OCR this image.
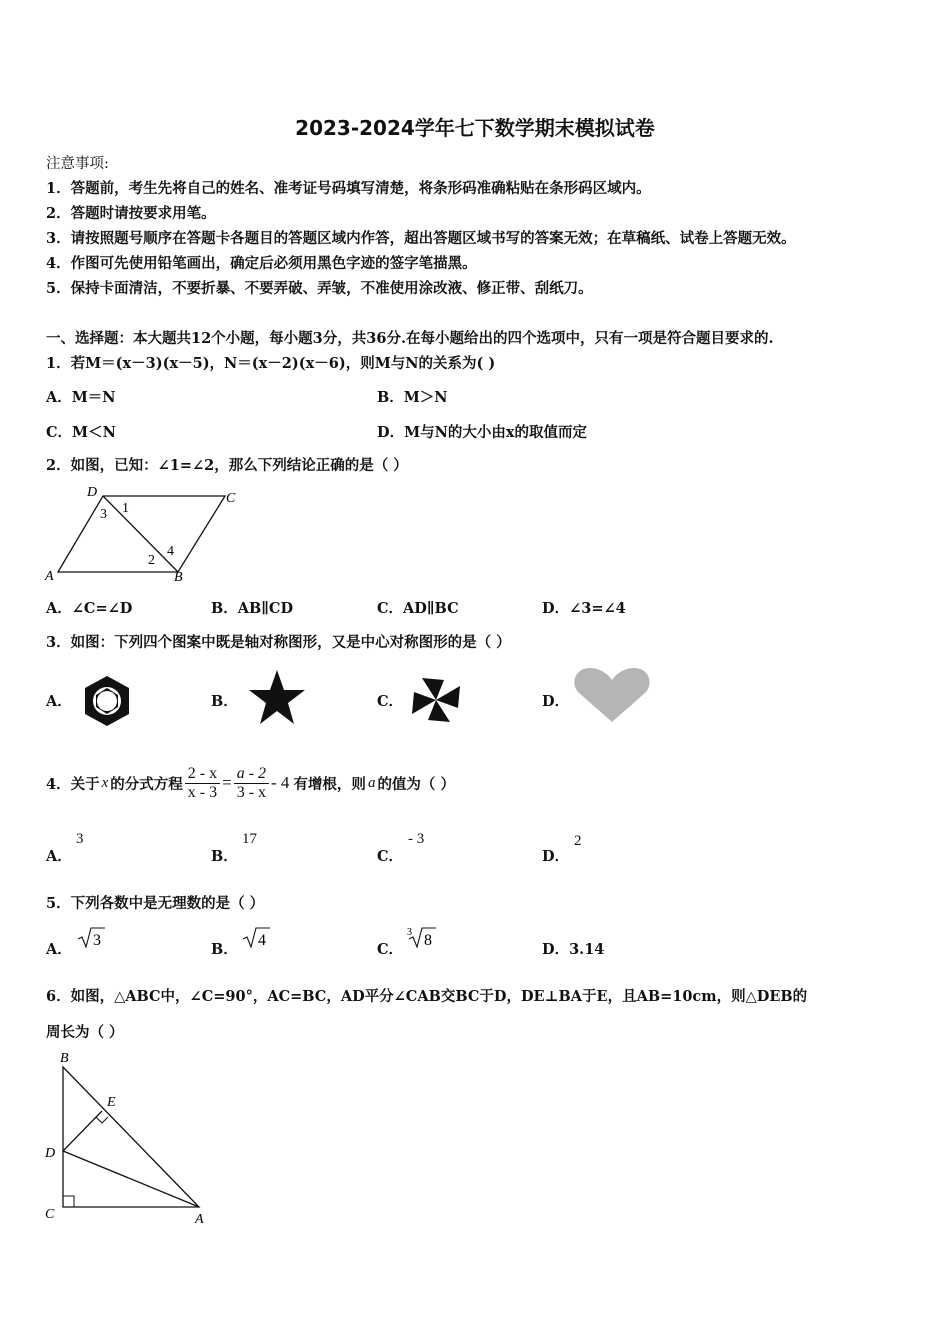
2023-2024学年七下数学期末模拟试卷
注意事项:
1．答题前，考生先将自己的姓名、准考证号码填写清楚，将条形码准确粘贴在条形码区域内。
2．答题时请按要求用笔。
3．请按照题号顺序在答题卡各题目的答题区域内作答，超出答题区域书写的答案无效；在草稿纸、试卷上答题无效。
4．作图可先使用铅笔画出，确定后必须用黑色字迹的签字笔描黑。
5．保持卡面清洁，不要折暴、不要弄破、弄皱，不准使用涂改液、修正带、刮纸刀。
一、选择题：本大题共12个小题，每小题3分，共36分.在每小题给出的四个选项中，只有一项是符合题目要求的.
1．若M＝(x－3)(x－5)，N＝(x－2)(x－6)，则M与N的关系为( )
A．M＝N	B．M＞N
C．M＜N	D．M与N的大小由x的取值而定
2．如图，已知：∠1=∠2，那么下列结论正确的是（ ）
D	C
A	B
1
2
3
4
A．∠C=∠D	B．AB∥CD	C．AD∥BC	D．∠3=∠4
3．如图：下列四个图案中既是轴对称图形，又是中心对称图形的是（ ）
A．	B．	C．	D．
4．关于 x 的分式方程 $\frac{2 - x}{x - 3} = \frac{a - 2}{3 - x} - 4$ 有增根，则 a 的值为（ ）
A．
3
B．
17
C．
- 3
D．
2
5．下列各数中是无理数的是（ ）
A．
3
B．
4
C．
3 8
D．3.14
6．如图，△ABC中，∠C=90°，AC=BC，AD平分∠CAB交BC于D，DE⊥BA于E，且AB=10cm，则△DEB的
周长为（ ）
B
E
D
C	A
